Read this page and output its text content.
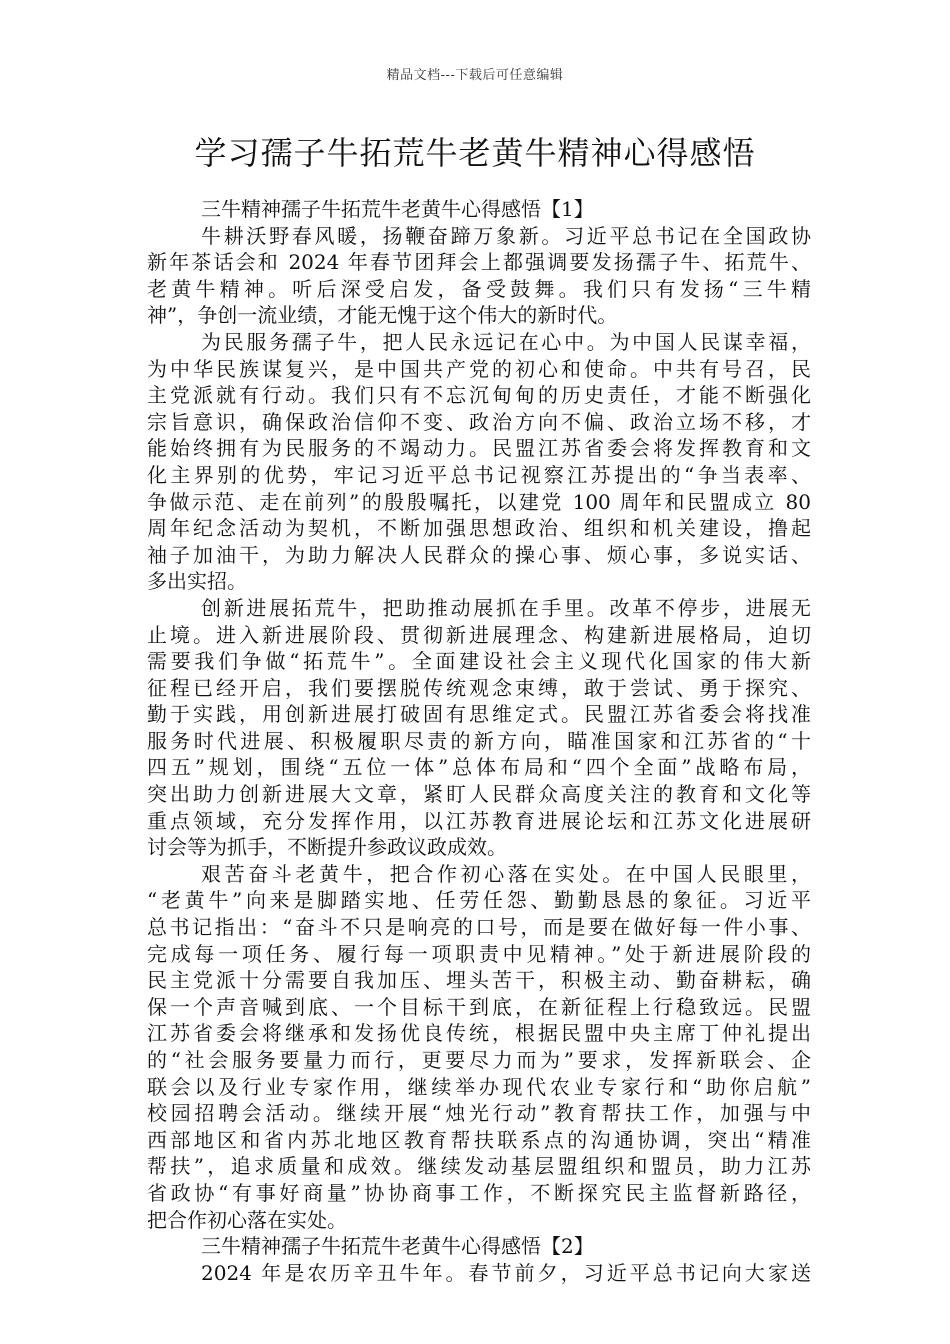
精品文档---下载后可任意编辑
学习孺子牛拓荒牛老黄牛精神心得感悟
三牛精神孺子牛拓荒牛老黄牛心得感悟【1】
牛耕沃野春风暖，扬鞭奋蹄万象新。习近平总书记在全国政协
新年茶话会和 2024 年春节团拜会上都强调要发扬孺子牛、拓荒牛、
老黄牛精神。听后深受启发，备受鼓舞。我们只有发扬“三牛精
神”，争创一流业绩，才能无愧于这个伟大的新时代。
为民服务孺子牛，把人民永远记在心中。为中国人民谋幸福，
为中华民族谋复兴，是中国共产党的初心和使命。中共有号召，民
主党派就有行动。我们只有不忘沉甸甸的历史责任，才能不断强化
宗旨意识，确保政治信仰不变、政治方向不偏、政治立场不移，才
能始终拥有为民服务的不竭动力。民盟江苏省委会将发挥教育和文
化主界别的优势，牢记习近平总书记视察江苏提出的“争当表率、
争做示范、走在前列”的殷殷嘱托，以建党 100 周年和民盟成立 80
周年纪念活动为契机，不断加强思想政治、组织和机关建设，撸起
袖子加油干，为助力解决人民群众的操心事、烦心事，多说实话、
多出实招。
创新进展拓荒牛，把助推动展抓在手里。改革不停步，进展无
止境。进入新进展阶段、贯彻新进展理念、构建新进展格局，迫切
需要我们争做“拓荒牛”。全面建设社会主义现代化国家的伟大新
征程已经开启，我们要摆脱传统观念束缚，敢于尝试、勇于探究、
勤于实践，用创新进展打破固有思维定式。民盟江苏省委会将找准
服务时代进展、积极履职尽责的新方向，瞄准国家和江苏省的“十
四五”规划，围绕“五位一体”总体布局和“四个全面”战略布局，
突出助力创新进展大文章，紧盯人民群众高度关注的教育和文化等
重点领域，充分发挥作用，以江苏教育进展论坛和江苏文化进展研
讨会等为抓手，不断提升参政议政成效。
艰苦奋斗老黄牛，把合作初心落在实处。在中国人民眼里，
“老黄牛”向来是脚踏实地、任劳任怨、勤勤恳恳的象征。习近平
总书记指出：“奋斗不只是响亮的口号，而是要在做好每一件小事、
完成每一项任务、履行每一项职责中见精神。”处于新进展阶段的
民主党派十分需要自我加压、埋头苦干，积极主动、勤奋耕耘，确
保一个声音喊到底、一个目标干到底，在新征程上行稳致远。民盟
江苏省委会将继承和发扬优良传统，根据民盟中央主席丁仲礼提出
的“社会服务要量力而行，更要尽力而为”要求，发挥新联会、企
联会以及行业专家作用，继续举办现代农业专家行和“助你启航”
校园招聘会活动。继续开展“烛光行动”教育帮扶工作，加强与中
西部地区和省内苏北地区教育帮扶联系点的沟通协调，突出“精准
帮扶”，追求质量和成效。继续发动基层盟组织和盟员，助力江苏
省政协“有事好商量”协协商事工作，不断探究民主监督新路径，
把合作初心落在实处。
三牛精神孺子牛拓荒牛老黄牛心得感悟【2】
2024 年是农历辛丑牛年。春节前夕，习近平总书记向大家送
